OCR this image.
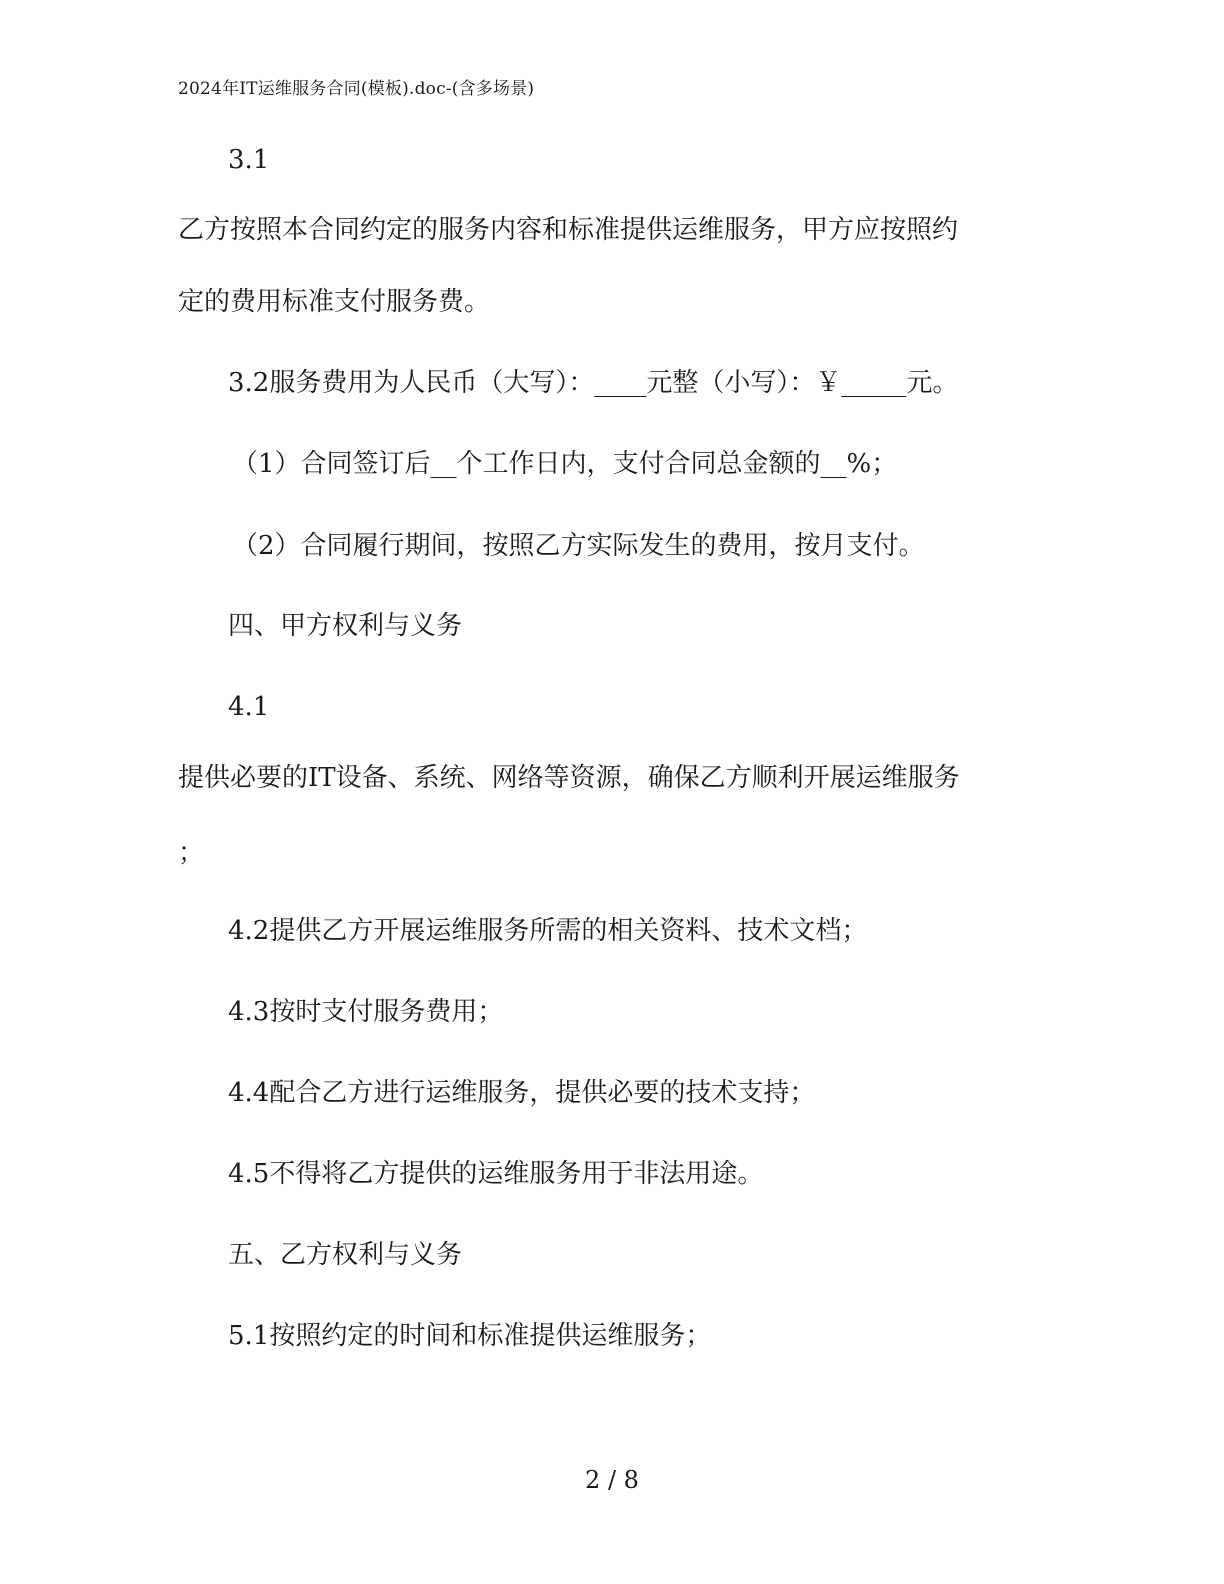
2024年IT运维服务合同(模板).doc-(含多场景)
3.1
乙方按照本合同约定的服务内容和标准提供运维服务，甲方应按照约
定的费用标准支付服务费。
3.2服务费用为人民币（大写）：____元整（小写）：￥_____元。
（1）合同签订后__个工作日内，支付合同总金额的__%；
（2）合同履行期间，按照乙方实际发生的费用，按月支付。
四、甲方权利与义务
4.1
提供必要的IT设备、系统、网络等资源，确保乙方顺利开展运维服务
；
4.2提供乙方开展运维服务所需的相关资料、技术文档；
4.3按时支付服务费用；
4.4配合乙方进行运维服务，提供必要的技术支持；
4.5不得将乙方提供的运维服务用于非法用途。
五、乙方权利与义务
5.1按照约定的时间和标准提供运维服务；
2 / 8
